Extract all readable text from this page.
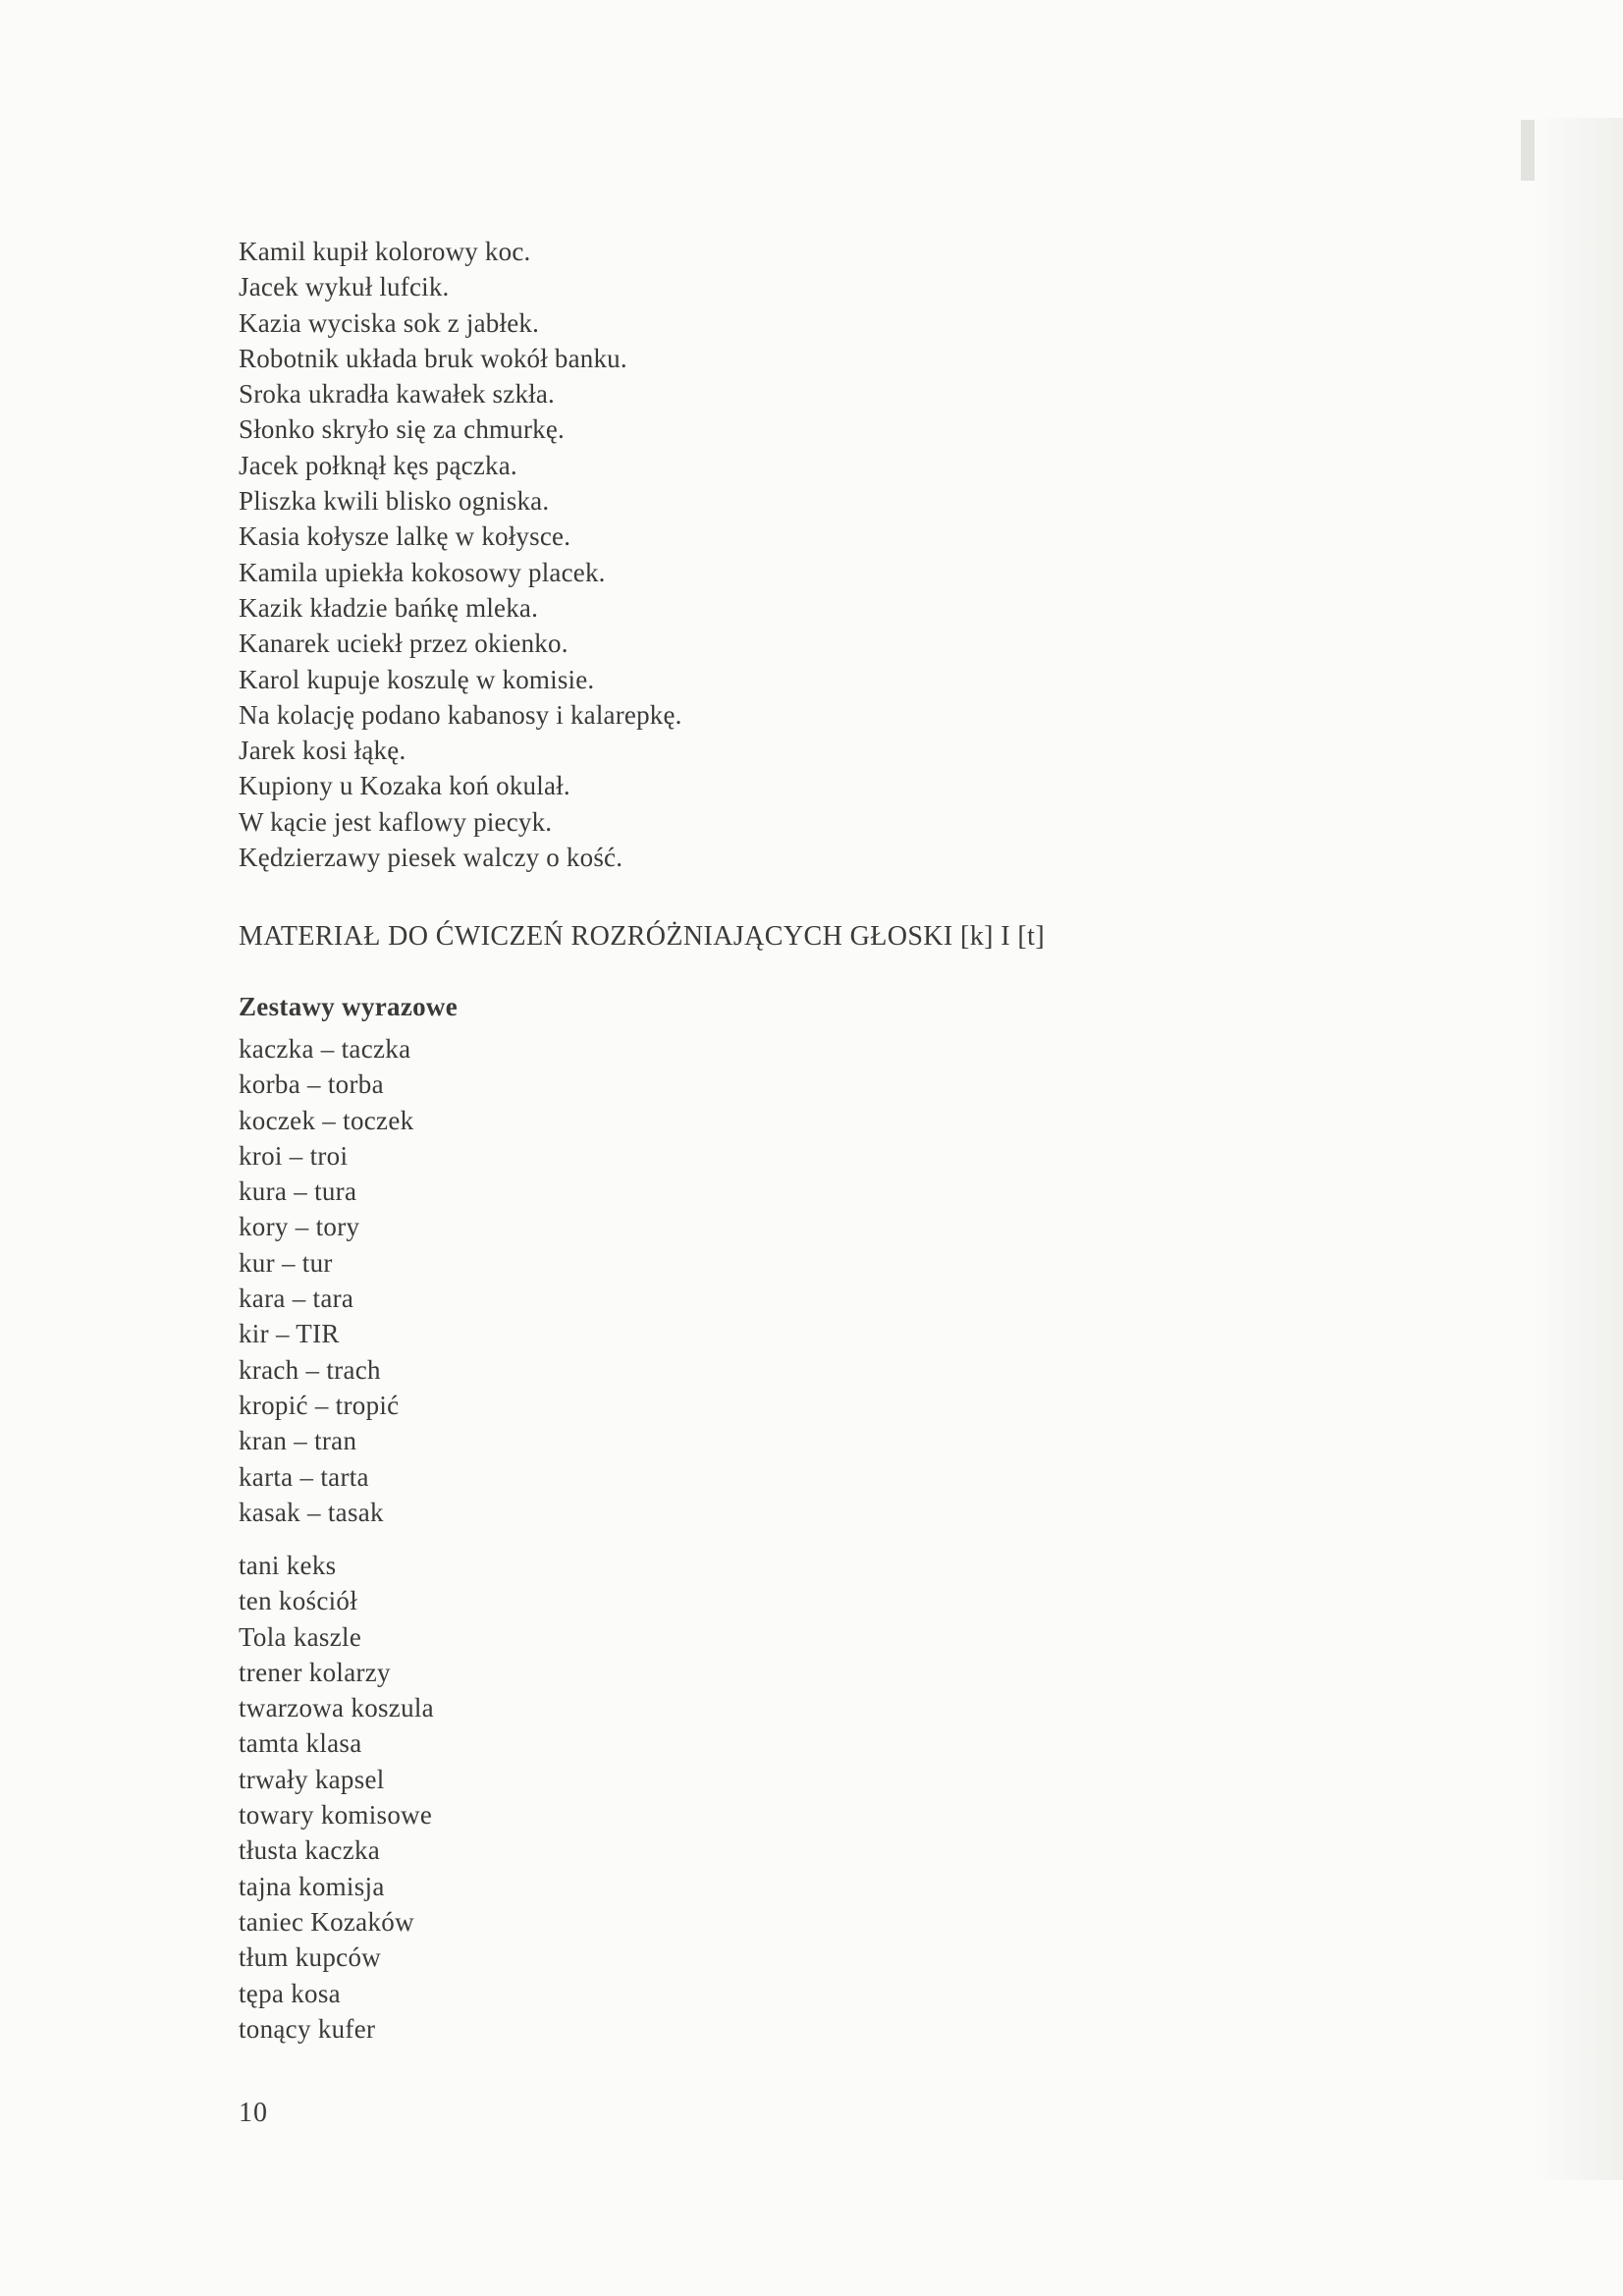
Kamil kupił kolorowy koc.
Jacek wykuł lufcik.
Kazia wyciska sok z jabłek.
Robotnik układa bruk wokół banku.
Sroka ukradła kawałek szkła.
Słonko skryło się za chmurkę.
Jacek połknął kęs pączka.
Pliszka kwili blisko ogniska.
Kasia kołysze lalkę w kołysce.
Kamila upiekła kokosowy placek.
Kazik kładzie bańkę mleka.
Kanarek uciekł przez okienko.
Karol kupuje koszulę w komisie.
Na kolację podano kabanosy i kalarepkę.
Jarek kosi łąkę.
Kupiony u Kozaka koń okulał.
W kącie jest kaflowy piecyk.
Kędzierzawy piesek walczy o kość.
MATERIAŁ DO ĆWICZEŃ ROZRÓŻNIAJĄCYCH GŁOSKI [k] I [t]
Zestawy wyrazowe
kaczka – taczka
korba – torba
koczek – toczek
kroi – troi
kura – tura
kory – tory
kur – tur
kara – tara
kir – TIR
krach – trach
kropić – tropić
kran – tran
karta – tarta
kasak – tasak
tani keks
ten kościół
Tola kaszle
trener kolarzy
twarzowa koszula
tamta klasa
trwały kapsel
towary komisowe
tłusta kaczka
tajna komisja
taniec Kozaków
tłum kupców
tępa kosa
tonący kufer
10
